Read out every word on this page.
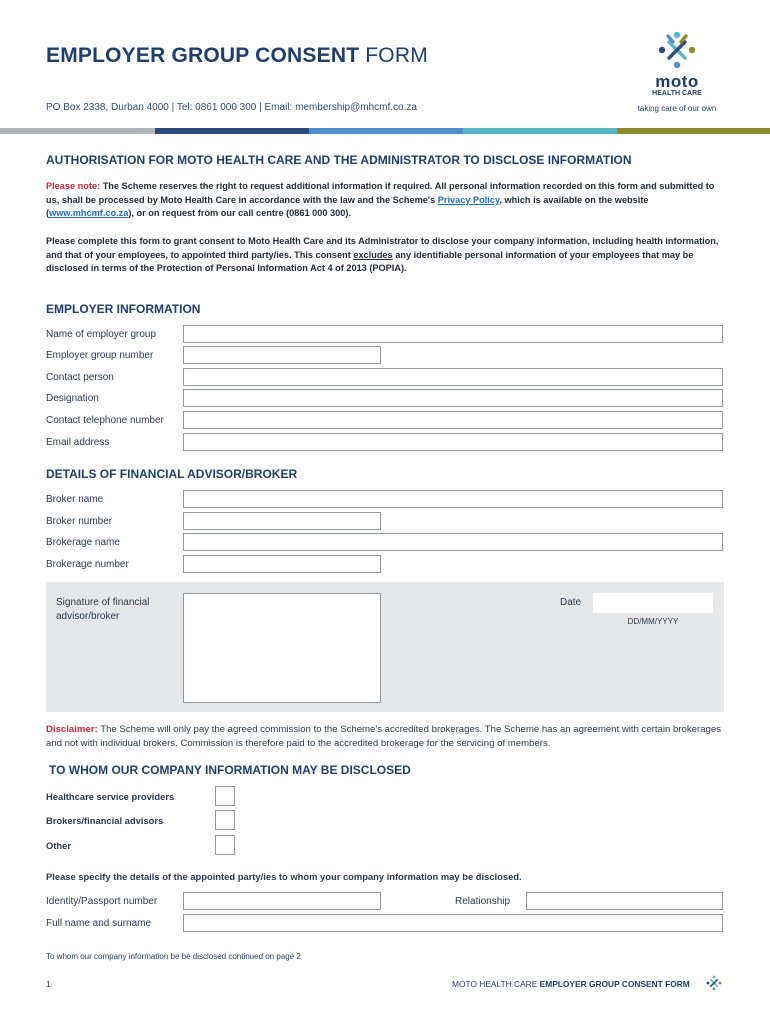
EMPLOYER GROUP CONSENT FORM
PO Box 2338, Durban 4000 | Tel: 0861 000 300 | Email: membership@mhcmf.co.za
moto
HEALTH CARE
taking care of our own
AUTHORISATION FOR MOTO HEALTH CARE AND THE ADMINISTRATOR TO DISCLOSE INFORMATION
Please note: The Scheme reserves the right to request additional information if required. All personal information recorded on this form and submitted to us, shall be processed by Moto Health Care in accordance with the law and the Scheme's Privacy Policy, which is available on the website (www.mhcmf.co.za), or on request from our call centre (0861 000 300).
Please complete this form to grant consent to Moto Health Care and its Administrator to disclose your company information, including health information, and that of your employees, to appointed third party/ies. This consent excludes any identifiable personal information of your employees that may be disclosed in terms of the Protection of Personal Information Act 4 of 2013 (POPIA).
EMPLOYER INFORMATION
Name of employer group
Employer group number
Contact person
Designation
Contact telephone number
Email address
DETAILS OF FINANCIAL ADVISOR/BROKER
Broker name
Broker number
Brokerage name
Brokerage number
Signature of financial advisor/broker
Date
DD/MM/YYYY
Disclaimer: The Scheme will only pay the agreed commission to the Scheme's accredited brokerages. The Scheme has an agreement with certain brokerages and not with individual brokers. Commission is therefore paid to the accredited brokerage for the servicing of members.
TO WHOM OUR COMPANY INFORMATION MAY BE DISCLOSED
Healthcare service providers
Brokers/financial advisors
Other
Please specify the details of the appointed party/ies to whom your company information may be disclosed.
Identity/Passport number	Relationship
Full name and surname
To whom our company information be be disclosed continued on page 2
1	MOTO HEALTH CARE EMPLOYER GROUP CONSENT FORM
